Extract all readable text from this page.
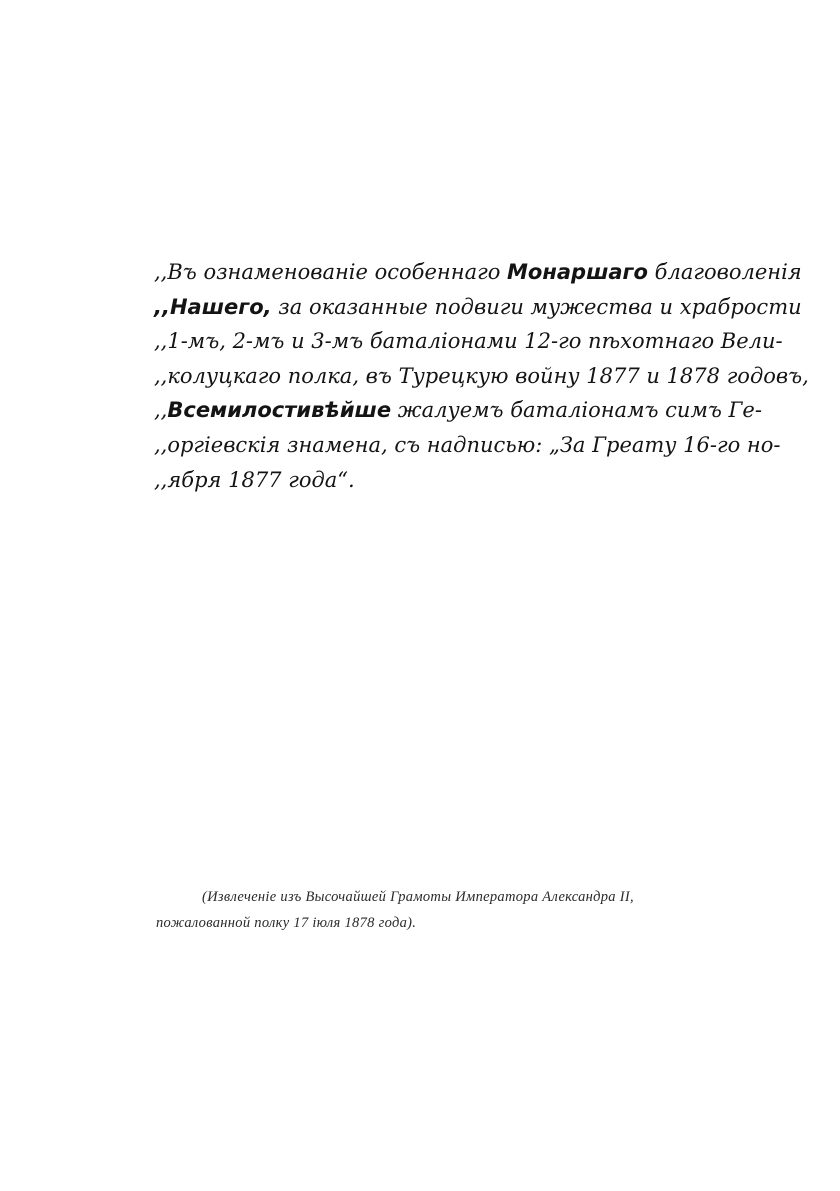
,,Въ ознаменованіе особеннаго Монаршаго благоволенія
,,Нашего, за оказанные подвиги мужества и храбрости
,,1-мъ, 2-мъ и 3-мъ баталіонами 12-го пѣхотнаго Вели-
,,колуцкаго полка, въ Турецкую войну 1877 и 1878 годовъ,
,,Всемилостивѣйше жалуемъ баталіонамъ симъ Ге-
,,оргіевскія знамена, съ надписью: „За Греату 16-го но-
,,ября 1877 года“.
(Извлеченіе изъ Высочайшей Грамоты Императора Александра II,
пожалованной полку 17 іюля 1878 года).
